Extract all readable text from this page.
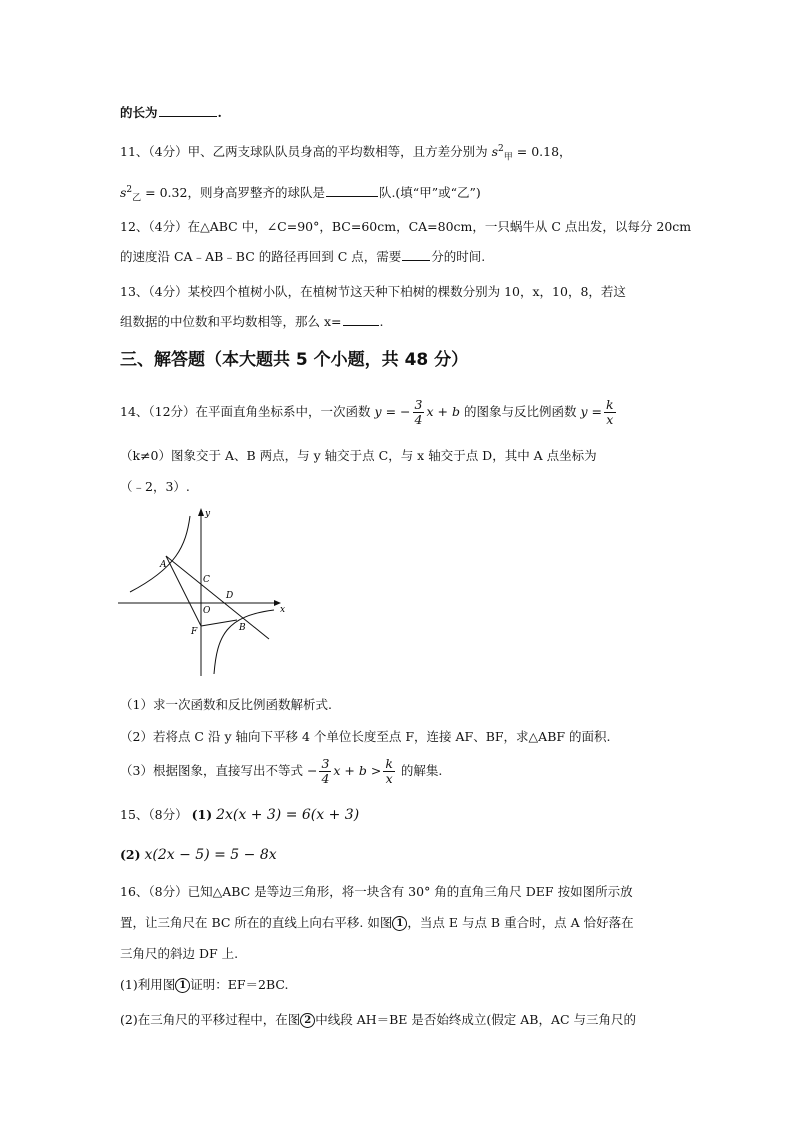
的长为	.
11、（4分）甲、乙两支球队队员身高的平均数相等，且方差分别为 $s^2_甲 = 0.18$，
$s^2_乙 = 0.32$，则身高罗整齐的球队是	队.(填“甲”或“乙”)
12、（4分）在△ABC 中，∠C=90°，BC=60cm，CA=80cm，一只蜗牛从 C 点出发，以每分 20cm
的速度沿 CA﹣AB﹣BC 的路径再回到 C 点，需要 分的时间.
13、（4分）某校四个植树小队，在植树节这天种下柏树的棵数分别为 10，x，10，8，若这
组数据的中位数和平均数相等，那么 x=	.
三、解答题（本大题共 5 个小题，共 48 分）
14、（12分）在平面直角坐标系中，一次函数 y = − $\frac{3}{4}$ x + b 的图象与反比例函数 $y = \frac{k}{x}$
（k≠0）图象交于 A、B 两点，与 y 轴交于点 C，与 x 轴交于点 D，其中 A 点坐标为
（﹣2，3）.
y
x
A
B
C
D
O
F
（1）求一次函数和反比例函数解析式.
（2）若将点 C 沿 y 轴向下平移 4 个单位长度至点 F，连接 AF、BF，求△ABF 的面积.
（3）根据图象，直接写出不等式 − $\frac{3}{4}$ $x + b > \frac{k}{x}$ 的解集.
15、（8分） (1) 2x(x + 3) = 6(x + 3)
(2) x(2x − 5) = 5 − 8x
16、（8分）已知△ABC 是等边三角形，将一块含有 30° 角的直角三角尺 DEF 按如图所示放
置，让三角尺在 BC 所在的直线上向右平移. 如图 1 ，当点 E 与点 B 重合时，点 A 恰好落在
三角尺的斜边 DF 上.
(1)利用图 1 证明：EF＝2BC.
(2)在三角尺的平移过程中，在图 2 中线段 AH＝BE 是否始终成立(假定 AB，AC 与三角尺的
